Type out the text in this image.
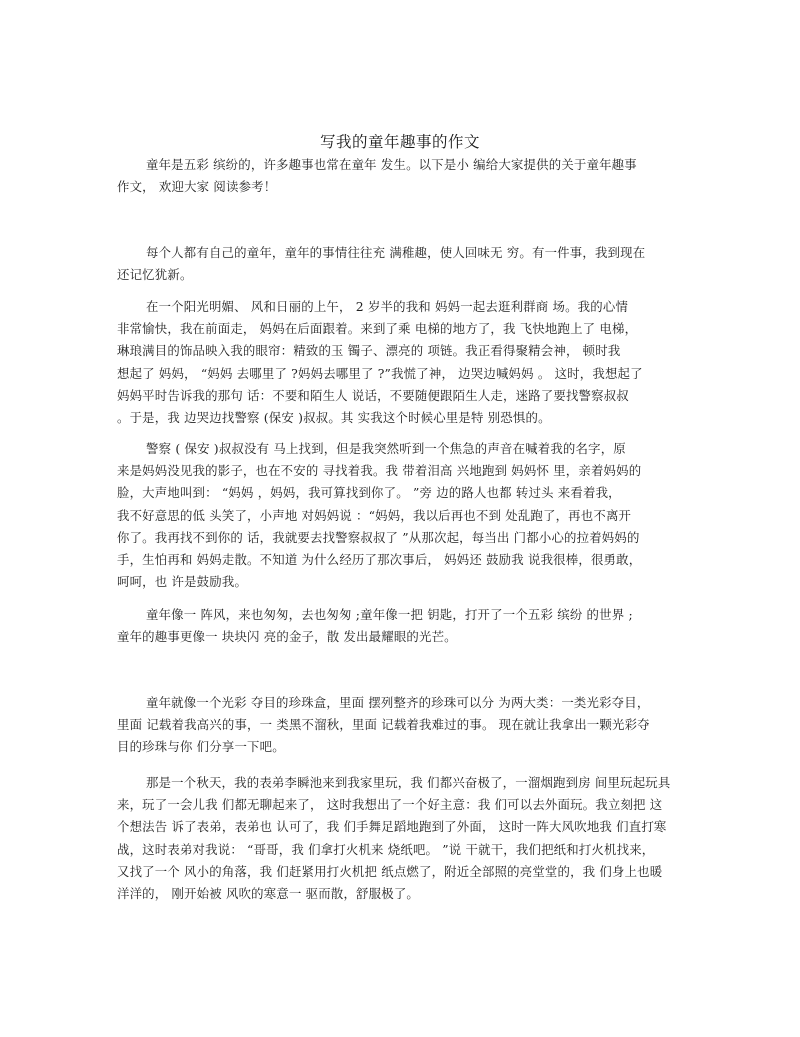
写我的童年趣事的作文
童年是五彩 缤纷的，许多趣事也常在童年 发生。以下是小 编给大家提供的关于童年趣事
作文， 欢迎大家 阅读参考！
每个人都有自己的童年，童年的事情往往充 满稚趣，使人回味无 穷。有一件事，我到现在
还记忆犹新。
在一个阳光明媚、 风和日丽的上午， 2 岁半的我和 妈妈一起去逛利群商 场。我的心情
非常愉快，我在前面走， 妈妈在后面跟着。来到了乘 电梯的地方了，我 飞快地跑上了 电梯，
琳琅满目的饰品映入我的眼帘：精致的玉 镯子、漂亮的 项链。我正看得聚精会神， 顿时我
想起了 妈妈， “妈妈 去哪里了 ?妈妈去哪里了 ?”我慌了神， 边哭边喊妈妈 。 这时，我想起了
妈妈平时告诉我的那句 话：不要和陌生人 说话，不要随便跟陌生人走，迷路了要找警察叔叔
。于是，我 边哭边找警察 (保安 )叔叔。其 实我这个时候心里是特 别恐惧的。
警察 ( 保安 )叔叔没有 马上找到，但是我突然听到一个焦急的声音在喊着我的名字，原
来是妈妈没见我的影子，也在不安的 寻找着我。我 带着泪高 兴地跑到 妈妈怀 里，亲着妈妈的
脸，大声地叫到： “妈妈 ，妈妈，我可算找到你了。 ”旁 边的路人也都 转过头 来看着我，
我不好意思的低 头笑了，小声地 对妈妈说 ：“妈妈，我以后再也不到 处乱跑了，再也不离开
你了。我再找不到你的 话，我就要去找警察叔叔了 ”从那次起，每当出 门都小心的拉着妈妈的
手，生怕再和 妈妈走散。不知道 为什么经历了那次事后， 妈妈还 鼓励我 说我很棒，很勇敢，
呵呵，也 许是鼓励我。
童年像一 阵风，来也匆匆，去也匆匆 ;童年像一把 钥匙，打开了一个五彩 缤纷 的世界 ;
童年的趣事更像一 块块闪 亮的金子，散 发出最耀眼的光芒。
童年就像一个光彩 夺目的珍珠盒，里面 摆列整齐的珍珠可以分 为两大类：一类光彩夺目，
里面 记载着我高兴的事，一 类黑不溜秋，里面 记载着我难过的事。 现在就让我拿出一颗光彩夺
目的珍珠与你 们分享一下吧。
那是一个秋天，我的表弟李瞬池来到我家里玩，我 们都兴奋极了，一溜烟跑到房 间里玩起玩具
来，玩了一会儿我 们都无聊起来了， 这时我想出了一个好主意：我 们可以去外面玩。我立刻把 这
个想法告 诉了表弟，表弟也 认可了，我 们手舞足蹈地跑到了外面， 这时一阵大风吹地我 们直打寒
战，这时表弟对我说： “哥哥，我 们拿打火机来 烧纸吧。 ”说 干就干，我们把纸和打火机找来，
又找了一个 风小的角落，我 们赶紧用打火机把 纸点燃了，附近全部照的亮堂堂的，我 们身上也暖
洋洋的， 刚开始被 风吹的寒意一 驱而散，舒服极了。
